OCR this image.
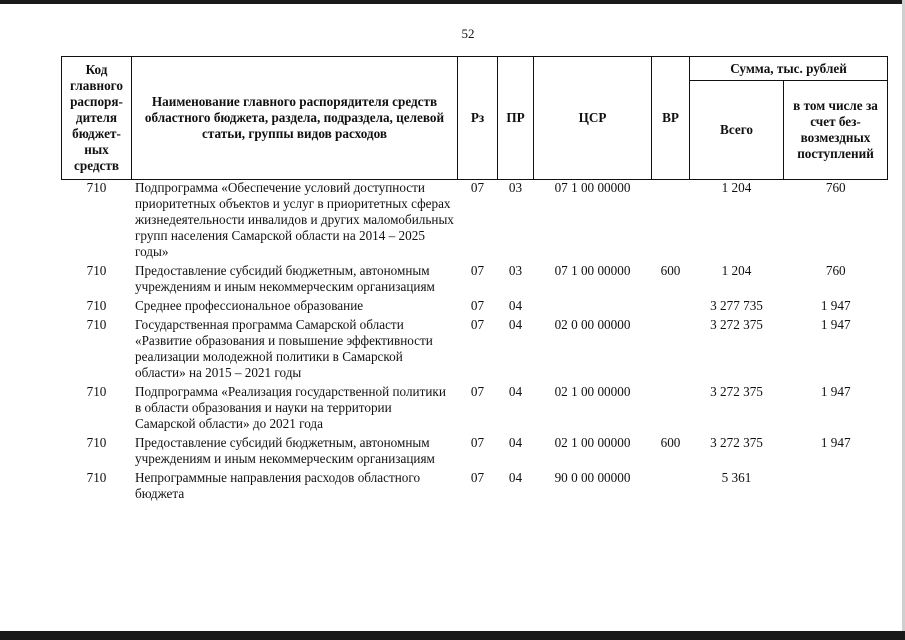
52
Код главного распоря-дителя бюджет-ных средств	Наименование главного распорядителя средств областного бюджета, раздела, подраздела, целевой статьи, группы видов расходов	Рз	ПР	ЦСР	ВР	Сумма, тыс. рублей	
						Всего	в том числе за счет без-возмездных поступлений
710	Подпрограмма «Обеспечение условий доступности приоритетных объектов и услуг в приоритетных сферах жизнедеятельности инвалидов и других маломобильных групп населения Самарской области на 2014 – 2025 годы»	07	03	07 1 00 00000		1 204	760
710	Предоставление субсидий бюджетным, автономным учреждениям и иным некоммерческим организациям	07	03	07 1 00 00000	600	1 204	760
710	Среднее профессиональное образование	07	04			3 277 735	1 947
710	Государственная программа Самарской области «Развитие образования и повышение эффективности реализации молодежной политики в Самарской области» на 2015 – 2021 годы	07	04	02 0 00 00000		3 272 375	1 947
710	Подпрограмма «Реализация государственной политики в области образования и науки на территории Самарской области» до 2021 года	07	04	02 1 00 00000		3 272 375	1 947
710	Предоставление субсидий бюджетным, автономным учреждениям и иным некоммерческим организациям	07	04	02 1 00 00000	600	3 272 375	1 947
710	Непрограммные направления расходов областного бюджета	07	04	90 0 00 00000		5 361	
